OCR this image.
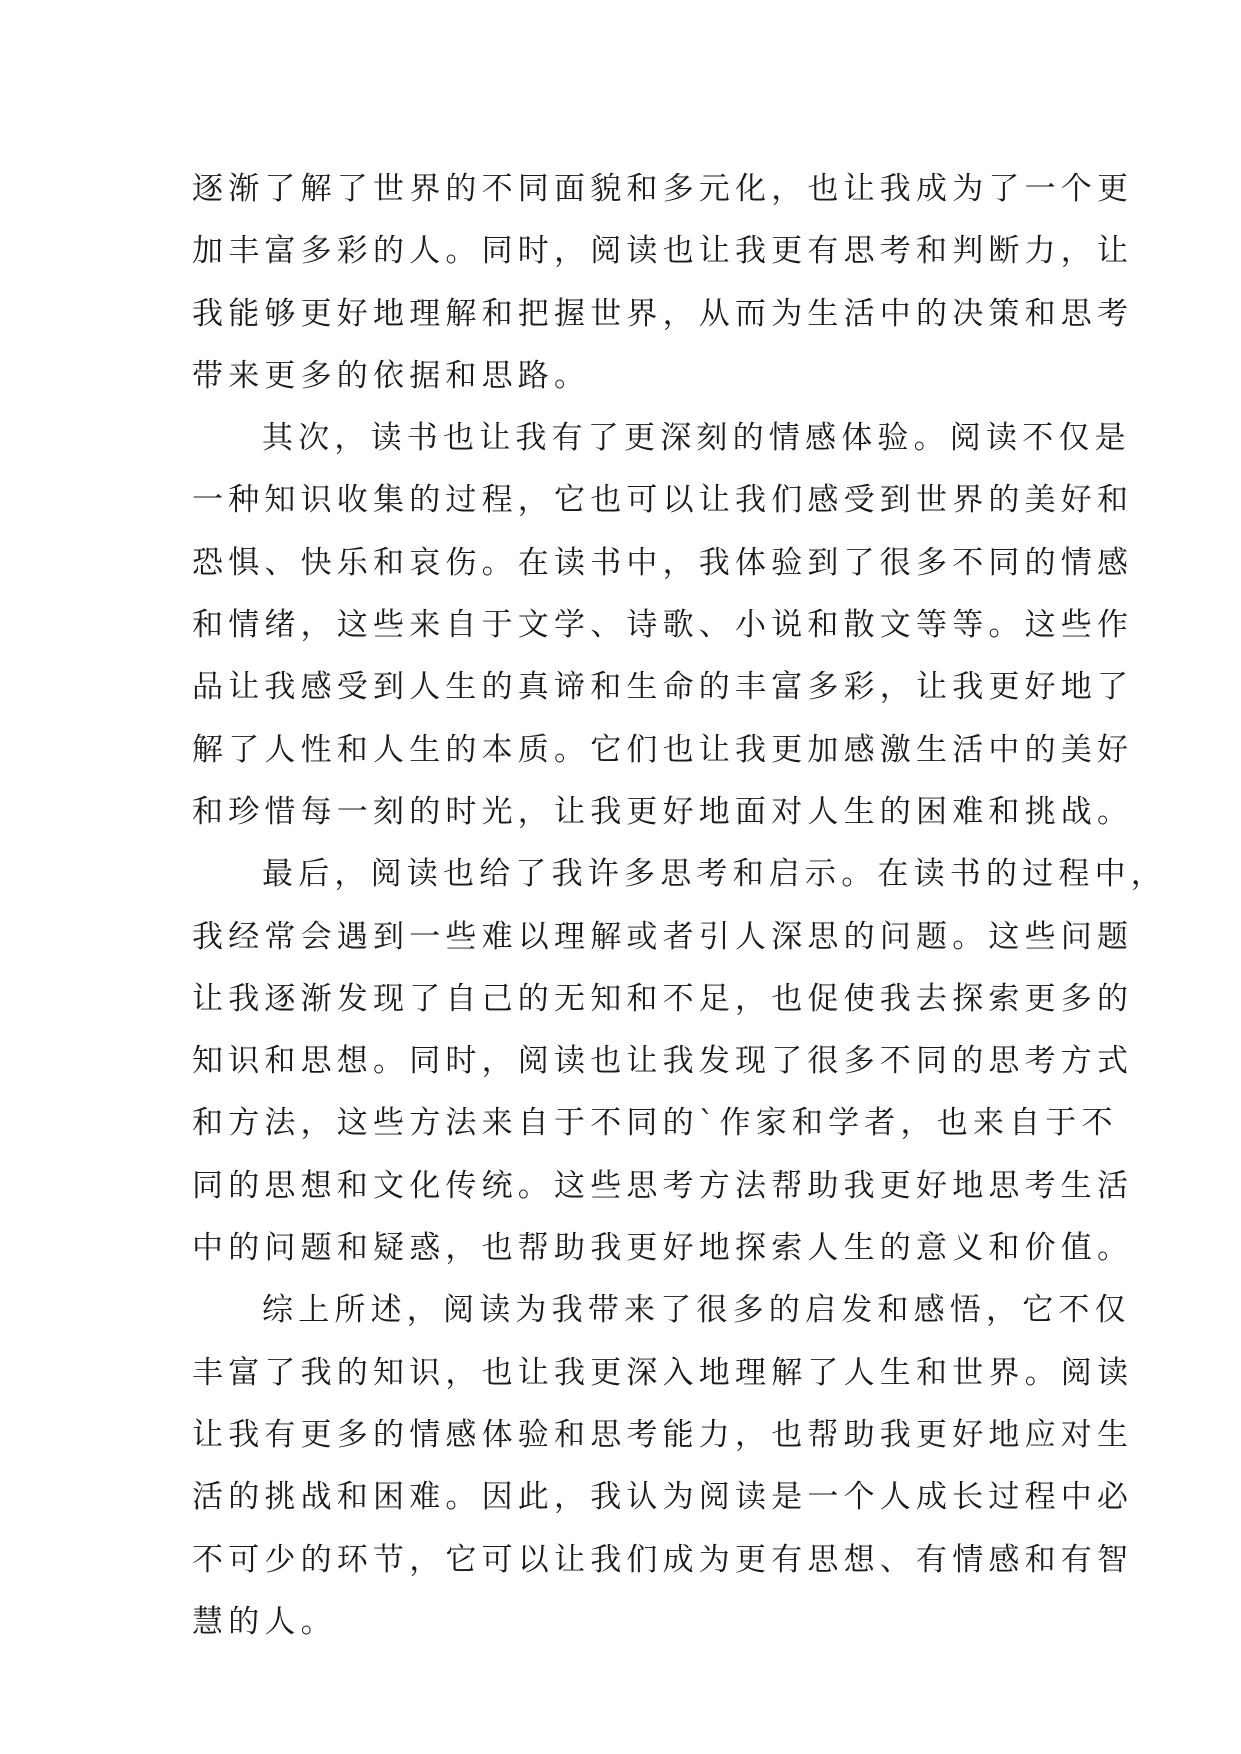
逐渐了解了世界的不同面貌和多元化，也让我成为了一个更
加丰富多彩的人。同时，阅读也让我更有思考和判断力，让
我能够更好地理解和把握世界，从而为生活中的决策和思考
带来更多的依据和思路。
其次，读书也让我有了更深刻的情感体验。阅读不仅是
一种知识收集的过程，它也可以让我们感受到世界的美好和
恐惧、快乐和哀伤。在读书中，我体验到了很多不同的情感
和情绪，这些来自于文学、诗歌、小说和散文等等。这些作
品让我感受到人生的真谛和生命的丰富多彩，让我更好地了
解了人性和人生的本质。它们也让我更加感激生活中的美好
和珍惜每一刻的时光，让我更好地面对人生的困难和挑战。
最后，阅读也给了我许多思考和启示。在读书的过程中，
我经常会遇到一些难以理解或者引人深思的问题。这些问题
让我逐渐发现了自己的无知和不足，也促使我去探索更多的
知识和思想。同时，阅读也让我发现了很多不同的思考方式
和方法，这些方法来自于不同的`作家和学者，也来自于不
同的思想和文化传统。这些思考方法帮助我更好地思考生活
中的问题和疑惑，也帮助我更好地探索人生的意义和价值。
综上所述，阅读为我带来了很多的启发和感悟，它不仅
丰富了我的知识，也让我更深入地理解了人生和世界。阅读
让我有更多的情感体验和思考能力，也帮助我更好地应对生
活的挑战和困难。因此，我认为阅读是一个人成长过程中必
不可少的环节，它可以让我们成为更有思想、有情感和有智
慧的人。
